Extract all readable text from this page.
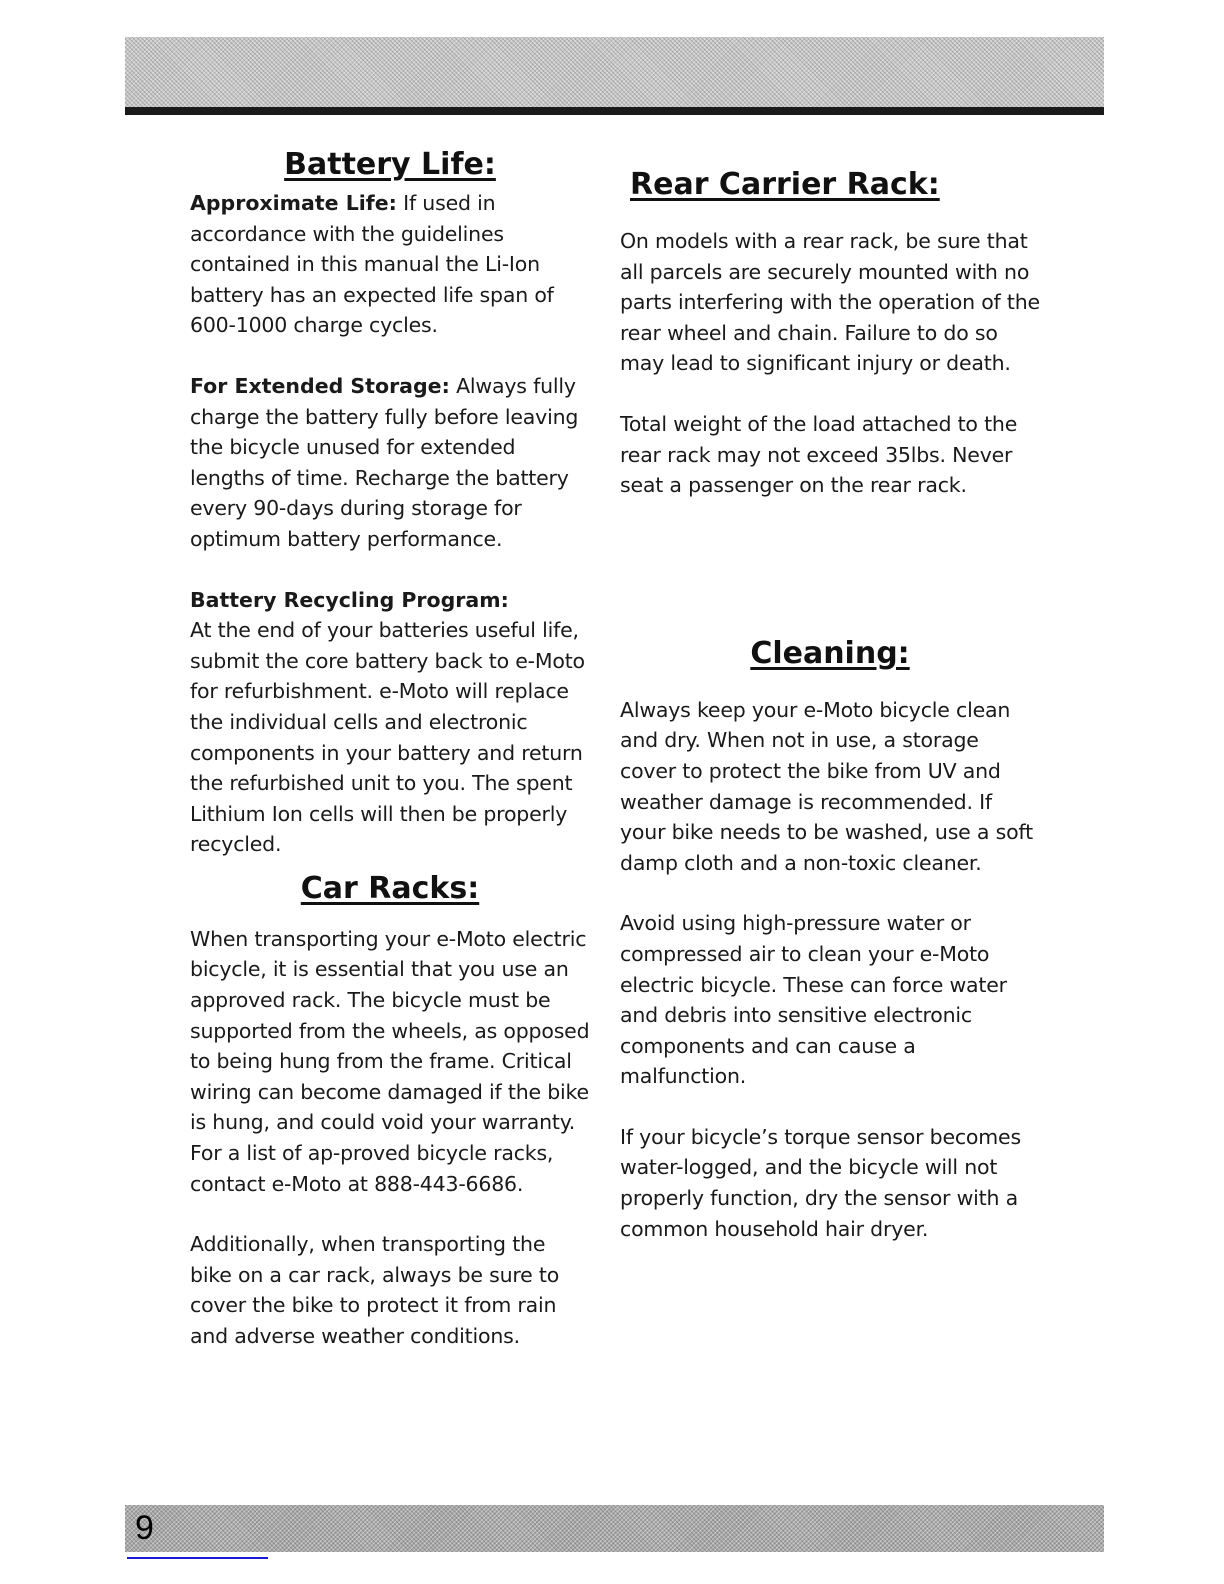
Battery Life:

Approximate Life: If used in accordance with the guidelines contained in this manual the Li-Ion battery has an expected life span of 600-1000 charge cycles.

For Extended Storage: Always fully charge the battery fully before leaving the bicycle unused for extended lengths of time. Recharge the battery every 90-days during storage for optimum battery performance.

Battery Recycling Program:

At the end of your batteries useful life, submit the core battery back to e-Moto for refurbishment. e-Moto will replace the individual cells and electronic components in your battery and return the refurbished unit to you. The spent Lithium Ion cells will then be properly recycled.

Car Racks:

When transporting your e-Moto electric bicycle, it is essential that you use an approved rack. The bicycle must be supported from the wheels, as opposed to being hung from the frame. Critical wiring can become damaged if the bike is hung, and could void your warranty. For a list of ap-proved bicycle racks, contact e-Moto at 888-443-6686.

Additionally, when transporting the bike on a car rack, always be sure to cover the bike to protect it from rain and adverse weather conditions.

Rear Carrier Rack:

On models with a rear rack, be sure that all parcels are securely mounted with no parts interfering with the operation of the rear wheel and chain. Failure to do so may lead to significant injury or death.

Total weight of the load attached to the rear rack may not exceed 35lbs. Never seat a passenger on the rear rack.

Cleaning:

Always keep your e-Moto bicycle clean and dry. When not in use, a storage cover to protect the bike from UV and weather damage is recommended. If your bike needs to be washed, use a soft damp cloth and a non-toxic cleaner.

Avoid using high-pressure water or compressed air to clean your e-Moto electric bicycle. These can force water and debris into sensitive electronic components and can cause a malfunction.

If your bicycle’s torque sensor becomes water-logged, and the bicycle will not properly function, dry the sensor with a common household hair dryer.

9
